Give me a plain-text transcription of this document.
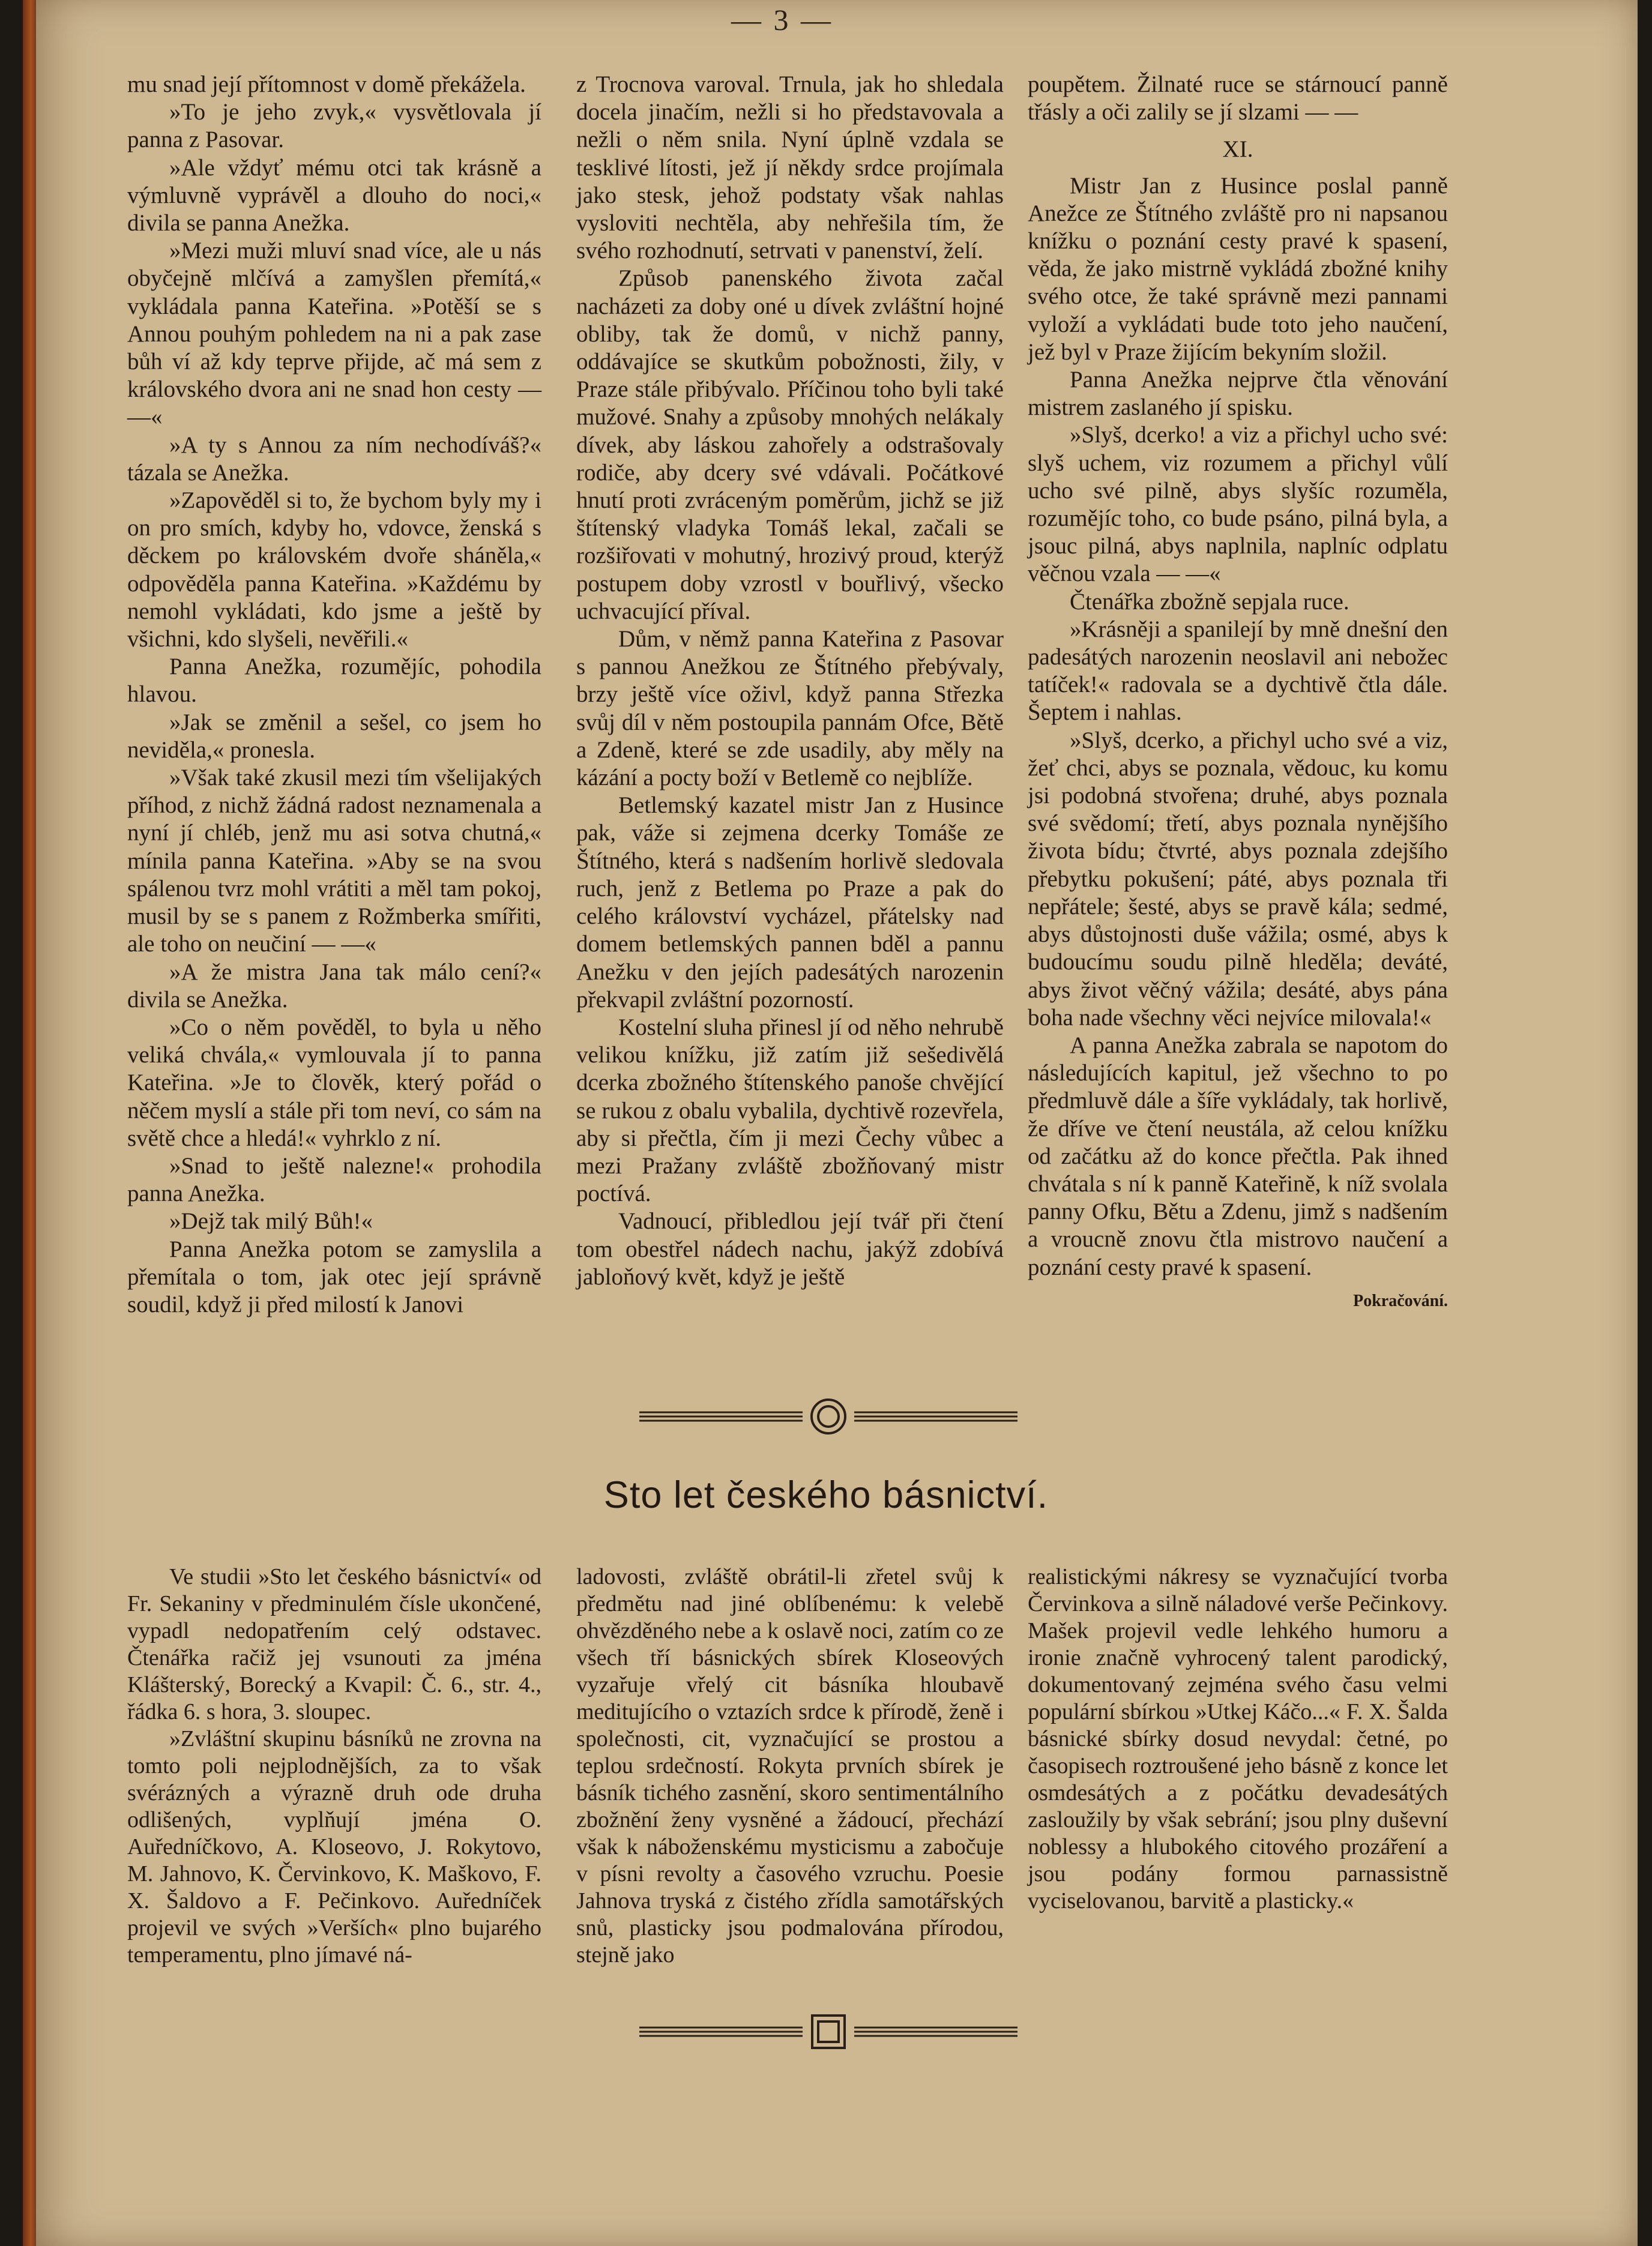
— 3 —

mu snad její přítomnost v domě překážela.

»To je jeho zvyk,« vysvětlovala jí panna z Pasovar.

»Ale vždyť mému otci tak krásně a výmluvně vyprávěl a dlouho do noci,« divila se panna Anežka.

»Mezi muži mluví snad více, ale u nás obyčejně mlčívá a zamyšlen přemítá,« vykládala panna Kateřina. »Potěší se s Annou pouhým pohledem na ni a pak zase bůh ví až kdy teprve přijde, ač má sem z královského dvora ani ne snad hon cesty — —«

»A ty s Annou za ním nechodíváš?« tázala se Anežka.

»Zapověděl si to, že bychom byly my i on pro smích, kdyby ho, vdovce, ženská s děckem po královském dvoře sháněla,« odpověděla panna Kateřina. »Každému by nemohl vykládati, kdo jsme a ještě by všichni, kdo slyšeli, nevěřili.«

Panna Anežka, rozumějíc, pohodila hlavou.

»Jak se změnil a sešel, co jsem ho neviděla,« pronesla.

»Však také zkusil mezi tím všelijakých příhod, z nichž žádná radost neznamenala a nyní jí chléb, jenž mu asi sotva chutná,« mínila panna Kateřina. »Aby se na svou spálenou tvrz mohl vrátiti a měl tam pokoj, musil by se s panem z Rožmberka smířiti, ale toho on neučiní — —«

»A že mistra Jana tak málo cení?« divila se Anežka.

»Co o něm pověděl, to byla u něho veliká chvála,« vymlouvala jí to panna Kateřina. »Je to člověk, který pořád o něčem myslí a stále při tom neví, co sám na světě chce a hledá!« vyhrklo z ní.

»Snad to ještě nalezne!« prohodila panna Anežka.

»Dejž tak milý Bůh!«

Panna Anežka potom se zamyslila a přemítala o tom, jak otec její správně soudil, když ji před milostí k Janovi

z Trocnova varoval. Trnula, jak ho shledala docela jinačím, nežli si ho představovala a nežli o něm snila. Nyní úplně vzdala se tesklivé lítosti, jež jí někdy srdce projímala jako stesk, jehož podstaty však nahlas vysloviti nechtěla, aby nehřešila tím, že svého rozhodnutí, setrvati v panenství, želí.

Způsob panenského života začal nacházeti za doby oné u dívek zvláštní hojné obliby, tak že domů, v nichž panny, oddávajíce se skutkům pobožnosti, žily, v Praze stále přibývalo. Příčinou toho byli také mužové. Snahy a způsoby mnohých nelákaly dívek, aby láskou zahořely a odstrašovaly rodiče, aby dcery své vdávali. Počátkové hnutí proti zvráceným poměrům, jichž se již štítenský vladyka Tomáš lekal, začali se rozšiřovati v mohutný, hrozivý proud, kterýž postupem doby vzrostl v bouřlivý, všecko uchvacující příval.

Dům, v němž panna Kateřina z Pasovar s pannou Anežkou ze Štítného přebývaly, brzy ještě více oživl, když panna Střezka svůj díl v něm postoupila pannám Ofce, Bětě a Zdeně, které se zde usadily, aby měly na kázání a pocty boží v Betlemě co nejblíže.

Betlemský kazatel mistr Jan z Husince pak, váže si zejmena dcerky Tomáše ze Štítného, která s nadšením horlivě sledovala ruch, jenž z Betlema po Praze a pak do celého království vycházel, přátelsky nad domem betlemských pannen bděl a pannu Anežku v den jejích padesátých narozenin překvapil zvláštní pozorností.

Kostelní sluha přinesl jí od něho nehrubě velikou knížku, již zatím již sešedivělá dcerka zbožného štítenského panoše chvějící se rukou z obalu vybalila, dychtivě rozevřela, aby si přečtla, čím ji mezi Čechy vůbec a mezi Pražany zvláště zbožňovaný mistr poctívá.

Vadnoucí, přibledlou její tvář při čtení tom obestřel nádech nachu, jakýž zdobívá jabloňový květ, když je ještě

poupětem. Žilnaté ruce se stárnoucí panně třásly a oči zalily se jí slzami — —

XI.

Mistr Jan z Husince poslal panně Anežce ze Štítného zvláště pro ni napsanou knížku o poznání cesty pravé k spasení, věda, že jako mistrně vykládá zbožné knihy svého otce, že také správně mezi pannami vyloží a vykládati bude toto jeho naučení, jež byl v Praze žijícím bekyním složil.

Panna Anežka nejprve čtla věnování mistrem zaslaného jí spisku.

»Slyš, dcerko! a viz a přichyl ucho své: slyš uchem, viz rozumem a přichyl vůlí ucho své pilně, abys slyšíc rozuměla, rozumějíc toho, co bude psáno, pilná byla, a jsouc pilná, abys naplnila, naplníc odplatu věčnou vzala — —«

Čtenářka zbožně sepjala ruce.

»Krásněji a spanilejí by mně dnešní den padesátých narozenin neoslavil ani nebožec tatíček!« radovala se a dychtivě čtla dále. Šeptem i nahlas.

»Slyš, dcerko, a přichyl ucho své a viz, žeť chci, abys se poznala, vědouc, ku komu jsi podobná stvořena; druhé, abys poznala své svědomí; třetí, abys poznala nynějšího života bídu; čtvrté, abys poznala zdejšího přebytku pokušení; páté, abys poznala tři nepřátele; šesté, abys se pravě kála; sedmé, abys důstojnosti duše vážila; osmé, abys k budoucímu soudu pilně hleděla; deváté, abys život věčný vážila; desáté, abys pána boha nade všechny věci nejvíce milovala!«

A panna Anežka zabrala se napotom do následujících kapitul, jež všechno to po předmluvě dále a šíře vykládaly, tak horlivě, že dříve ve čtení neustála, až celou knížku od začátku až do konce přečtla. Pak ihned chvátala s ní k panně Kateřině, k níž svolala panny Ofku, Bětu a Zdenu, jimž s nadšením a vroucně znovu čtla mistrovo naučení a poznání cesty pravé k spasení.
Pokračování.

Sto let českého básnictví.

Ve studii »Sto let českého básnictví« od Fr. Sekaniny v předminulém čísle ukončené, vypadl nedopatřením celý odstavec. Čtenářka račiž jej vsunouti za jména Klášterský, Borecký a Kvapil: Č. 6., str. 4., řádka 6. s hora, 3. sloupec.

»Zvláštní skupinu básníků ne zrovna na tomto poli nejplodnějších, za to však svérázných a výrazně druh ode druha odlišených, vyplňují jména O. Auředníčkovo, A. Kloseovo, J. Rokytovo, M. Jahnovo, K. Červinkovo, K. Maškovo, F. X. Šaldovo a F. Pečinkovo. Auředníček projevil ve svých »Verších« plno bujarého temperamentu, plno jímavé ná-

ladovosti, zvláště obrátil-li zřetel svůj k předmětu nad jiné oblíbenému: k velebě ohvězděného nebe a k oslavě noci, zatím co ze všech tří básnických sbírek Kloseových vyzařuje vřelý cit básníka hloubavě meditujícího o vztazích srdce k přírodě, ženě i společnosti, cit, vyznačující se prostou a teplou srdečností. Rokyta prvních sbírek je básník tichého zasnění, skoro sentimentálního zbožnění ženy vysněné a žádoucí, přechází však k náboženskému mysticismu a zabočuje v písni revolty a časového vzruchu. Poesie Jahnova tryská z čistého zřídla samotářských snů, plasticky jsou podmalována přírodou, stejně jako

realistickými nákresy se vyznačující tvorba Červinkova a silně náladové verše Pečinkovy. Mašek projevil vedle lehkého humoru a ironie značně vyhrocený talent parodický, dokumentovaný zejména svého času velmi populární sbírkou »Utkej Káčo...« F. X. Šalda básnické sbírky dosud nevydal: četné, po časopisech roztroušené jeho básně z konce let osmdesátých a z počátku devadesátých zasloužily by však sebrání; jsou plny duševní noblessy a hlubokého citového prozáření a jsou podány formou parnassistně vyciselovanou, barvitě a plasticky.«
